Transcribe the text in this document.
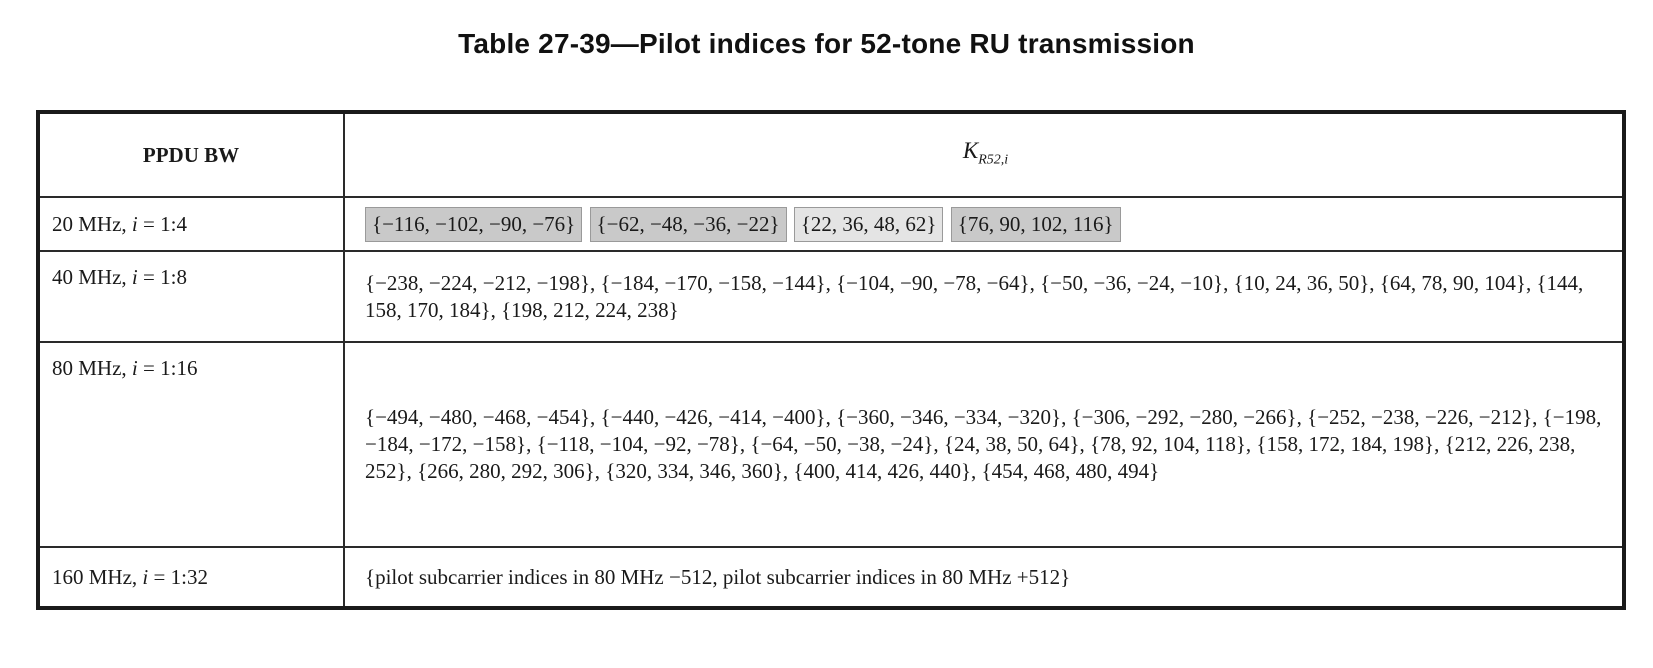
Table 27-39—Pilot indices for 52-tone RU transmission
PPDU BW	$K_{R52,i}$
20 MHz, i = 1:4	{−116, −102, −90, −76} {−62, −48, −36, −22} {22, 36, 48, 62} {76, 90, 102, 116}
40 MHz, i = 1:8	{−238, −224, −212, −198}, {−184, −170, −158, −144}, {−104, −90, −78, −64}, {−50, −36, −24, −10}, {10, 24, 36, 50}, {64, 78, 90, 104}, {144, 158, 170, 184}, {198, 212, 224, 238}

80 MHz, i = 1:16	{−494, −480, −468, −454}, {−440, −426, −414, −400}, {−360, −346, −334, −320}, {−306, −292, −280, −266}, {−252, −238, −226, −212}, {−198, −184, −172, −158}, {−118, −104, −92, −78}, {−64, −50, −38, −24}, {24, 38, 50, 64}, {78, 92, 104, 118}, {158, 172, 184, 198}, {212, 226, 238, 252}, {266, 280, 292, 306}, {320, 334, 346, 360}, {400, 414, 426, 440}, {454, 468, 480, 494}

160 MHz, i = 1:32	{pilot subcarrier indices in 80 MHz −512, pilot subcarrier indices in 80 MHz +512}
